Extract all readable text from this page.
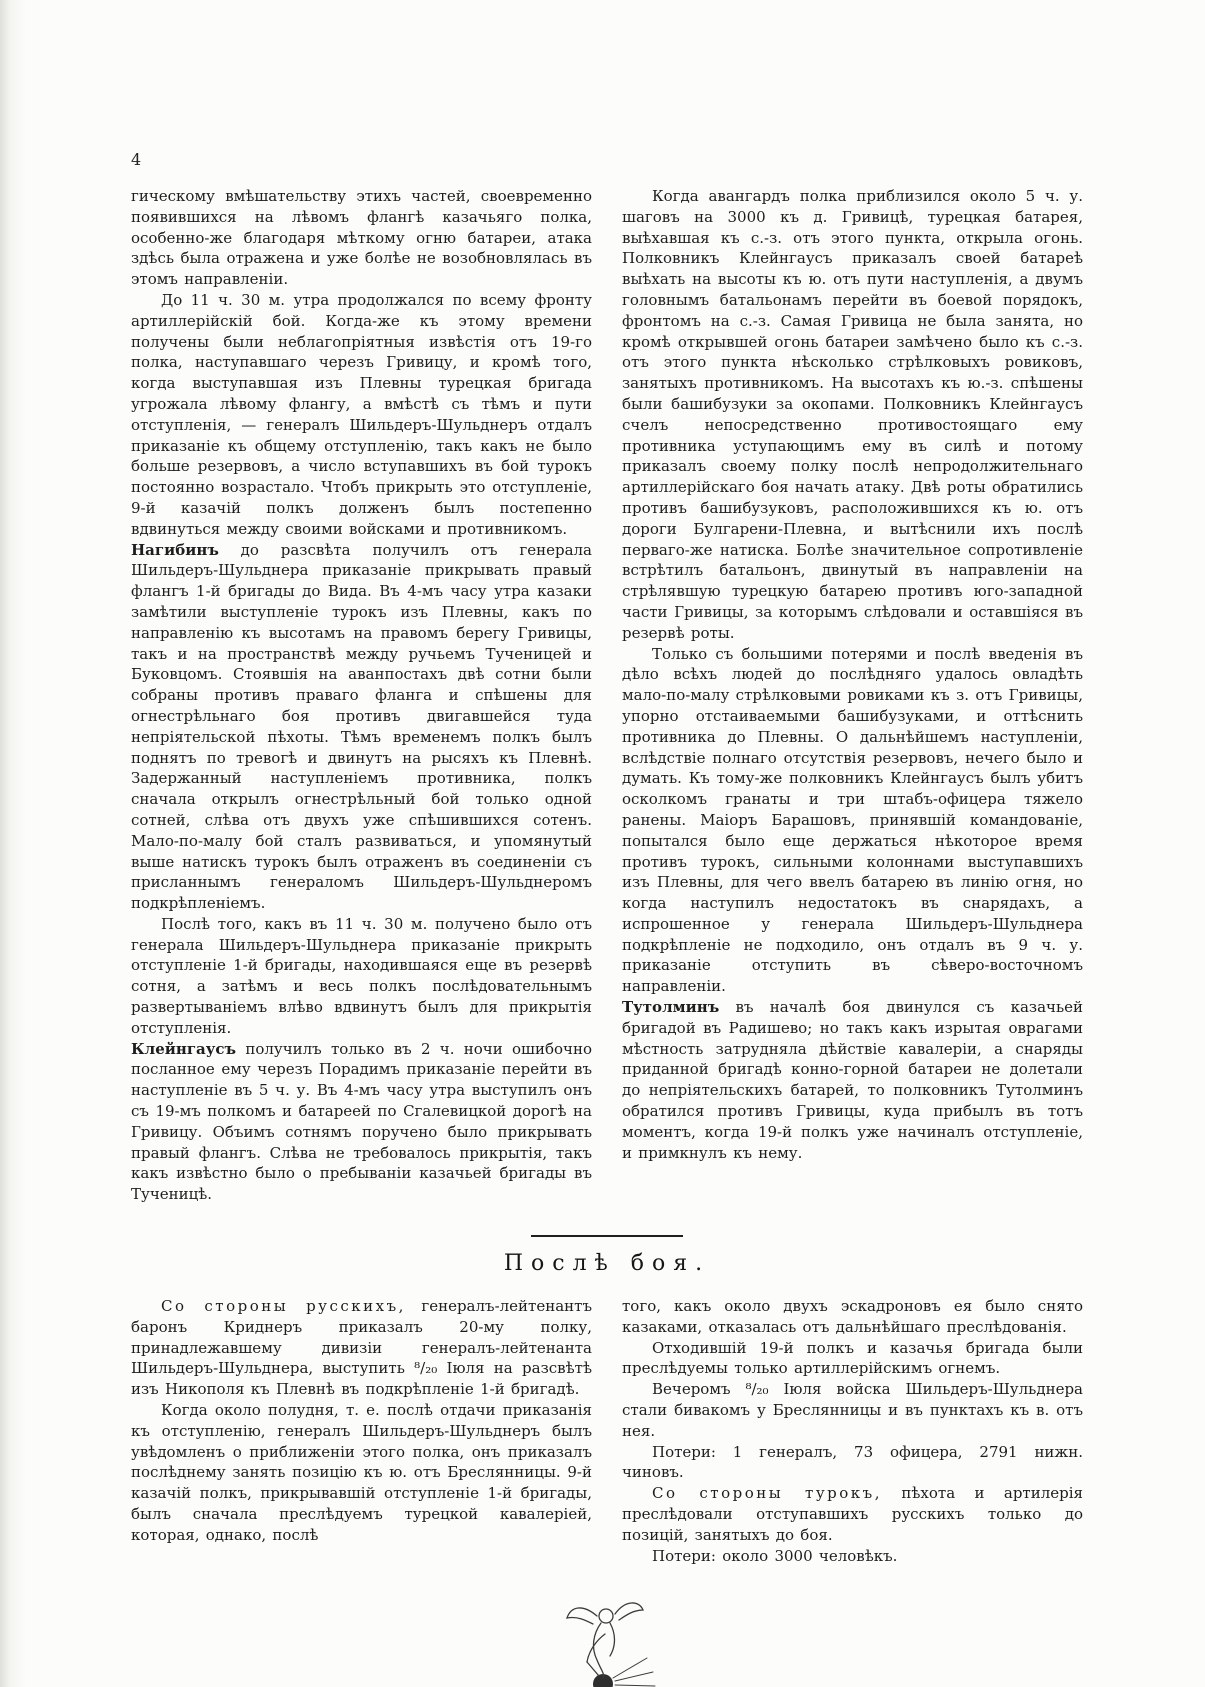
4

гическому вмѣшательству этихъ частей, своевременно появившихся на лѣвомъ флангѣ казачьяго полка, особенно-же благодаря мѣткому огню батареи, атака здѣсь была отражена и уже болѣе не возобновлялась въ этомъ направленіи.

До 11 ч. 30 м. утра продолжался по всему фронту артиллерійскій бой. Когда-же къ этому времени получены были неблагопріятныя извѣстія отъ 19-го полка, наступавшаго черезъ Гривицу, и кромѣ того, когда выступавшая изъ Плевны турецкая бригада угрожала лѣвому флангу, а вмѣстѣ съ тѣмъ и пути отступленія, — генералъ Шильдеръ-Шульднеръ отдалъ приказаніе къ общему отступленію, такъ какъ не было больше резервовъ, а число вступавшихъ въ бой турокъ постоянно возрастало. Чтобъ прикрыть это отступленіе, 9-й казачій полкъ долженъ былъ постепенно вдвинуться между своими войсками и противникомъ.

Нагибинъ до разсвѣта получилъ отъ генерала Шильдеръ-Шульднера приказаніе прикрывать правый флангъ 1-й бригады до Вида. Въ 4-мъ часу утра казаки замѣтили выступленіе турокъ изъ Плевны, какъ по направленію къ высотамъ на правомъ берегу Гривицы, такъ и на пространствѣ между ручьемъ Тученицей и Буковцомъ. Стоявшія на аванпостахъ двѣ сотни были собраны противъ праваго фланга и спѣшены для огнестрѣльнаго боя противъ двигавшейся туда непріятельской пѣхоты. Тѣмъ временемъ полкъ былъ поднятъ по тревогѣ и двинутъ на рысяхъ къ Плевнѣ. Задержанный наступленіемъ противника, полкъ сначала открылъ огнестрѣльный бой только одной сотней, слѣва отъ двухъ уже спѣшившихся сотенъ. Мало-по-малу бой сталъ развиваться, и упомянутый выше натискъ турокъ былъ отраженъ въ соединеніи съ присланнымъ генераломъ Шильдеръ-Шульднеромъ подкрѣпленіемъ.

Послѣ того, какъ въ 11 ч. 30 м. получено было отъ генерала Шильдеръ-Шульднера приказаніе прикрыть отступленіе 1-й бригады, находившаяся еще въ резервѣ сотня, а затѣмъ и весь полкъ послѣдовательнымъ развертываніемъ влѣво вдвинутъ былъ для прикрытія отступленія.

Клейнгаусъ получилъ только въ 2 ч. ночи ошибочно посланное ему черезъ Порадимъ приказаніе перейти въ наступленіе въ 5 ч. у. Въ 4-мъ часу утра выступилъ онъ съ 19-мъ полкомъ и батареей по Сгалевицкой дорогѣ на Гривицу. Объимъ сотнямъ поручено было прикрывать правый флангъ. Слѣва не требовалось прикрытія, такъ какъ извѣстно было о пребываніи казачьей бригады въ Тученицѣ.

Когда авангардъ полка приблизился около 5 ч. у. шаговъ на 3000 къ д. Гривицѣ, турецкая батарея, выѣхавшая къ с.-з. отъ этого пункта, открыла огонь. Полковникъ Клейнгаусъ приказалъ своей батареѣ выѣхать на высоты къ ю. отъ пути наступленія, а двумъ головнымъ батальонамъ перейти въ боевой порядокъ, фронтомъ на с.-з. Самая Гривица не была занята, но кромѣ открывшей огонь батареи замѣчено было къ с.-з. отъ этого пункта нѣсколько стрѣлковыхъ ровиковъ, занятыхъ противникомъ. На высотахъ къ ю.-з. спѣшены были башибузуки за окопами. Полковникъ Клейнгаусъ счелъ непосредственно противостоящаго ему противника уступающимъ ему въ силѣ и потому приказалъ своему полку послѣ непродолжительнаго артиллерійскаго боя начать атаку. Двѣ роты обратились противъ башибузуковъ, расположившихся къ ю. отъ дороги Булгарени-Плевна, и вытѣснили ихъ послѣ перваго-же натиска. Болѣе значительное сопротивленіе встрѣтилъ батальонъ, двинутый въ направленіи на стрѣлявшую турецкую батарею противъ юго-западной части Гривицы, за которымъ слѣдовали и оставшіяся въ резервѣ роты.

Только съ большими потерями и послѣ введенія въ дѣло всѣхъ людей до послѣдняго удалось овладѣть мало-по-малу стрѣлковыми ровиками къ з. отъ Гривицы, упорно отстаиваемыми башибузуками, и оттѣснить противника до Плевны. О дальнѣйшемъ наступленіи, вслѣдствіе полнаго отсутствія резервовъ, нечего было и думать. Къ тому-же полковникъ Клейнгаусъ былъ убитъ осколкомъ гранаты и три штабъ-офицера тяжело ранены. Маіоръ Барашовъ, принявшій командованіе, попытался было еще держаться нѣкоторое время противъ турокъ, сильными колоннами выступавшихъ изъ Плевны, для чего ввелъ батарею въ линію огня, но когда наступилъ недостатокъ въ снарядахъ, а испрошенное у генерала Шильдеръ-Шульднера подкрѣпленіе не подходило, онъ отдалъ въ 9 ч. у. приказаніе отступить въ сѣверо-восточномъ направленіи.

Тутолминъ въ началѣ боя двинулся съ казачьей бригадой въ Радишево; но такъ какъ изрытая оврагами мѣстность затрудняла дѣйствіе кавалеріи, а снаряды приданной бригадѣ конно-горной батареи не долетали до непріятельскихъ батарей, то полковникъ Тутолминъ обратился противъ Гривицы, куда прибылъ въ тотъ моментъ, когда 19-й полкъ уже начиналъ отступленіе, и примкнулъ къ нему.

Послѣ боя.

Со стороны русскихъ, генералъ-лейтенантъ баронъ Криднеръ приказалъ 20-му полку, принадлежавшему дивизіи генералъ-лейтенанта Шильдеръ-Шульднера, выступить ⁸/₂₀ Іюля на разсвѣтѣ изъ Никополя къ Плевнѣ въ подкрѣпленіе 1-й бригадѣ.

Когда около полудня, т. е. послѣ отдачи приказанія къ отступленію, генералъ Шильдеръ-Шульднеръ былъ увѣдомленъ о приближеніи этого полка, онъ приказалъ послѣднему занять позицію къ ю. отъ Бреслянницы. 9-й казачій полкъ, прикрывавшій отступленіе 1-й бригады, былъ сначала преслѣдуемъ турецкой кавалеріей, которая, однако, послѣ

того, какъ около двухъ эскадроновъ ея было снято казаками, отказалась отъ дальнѣйшаго преслѣдованія.

Отходившій 19-й полкъ и казачья бригада были преслѣдуемы только артиллерійскимъ огнемъ.

Вечеромъ ⁸/₂₀ Іюля войска Шильдеръ-Шульднера стали бивакомъ у Бреслянницы и въ пунктахъ къ в. отъ нея.

Потери: 1 генералъ, 73 офицера, 2791 нижн. чиновъ.

Со стороны турокъ, пѣхота и артилерія преслѣдовали отступавшихъ русскихъ только до позицій, занятыхъ до боя.

Потери: около 3000 человѣкъ.
